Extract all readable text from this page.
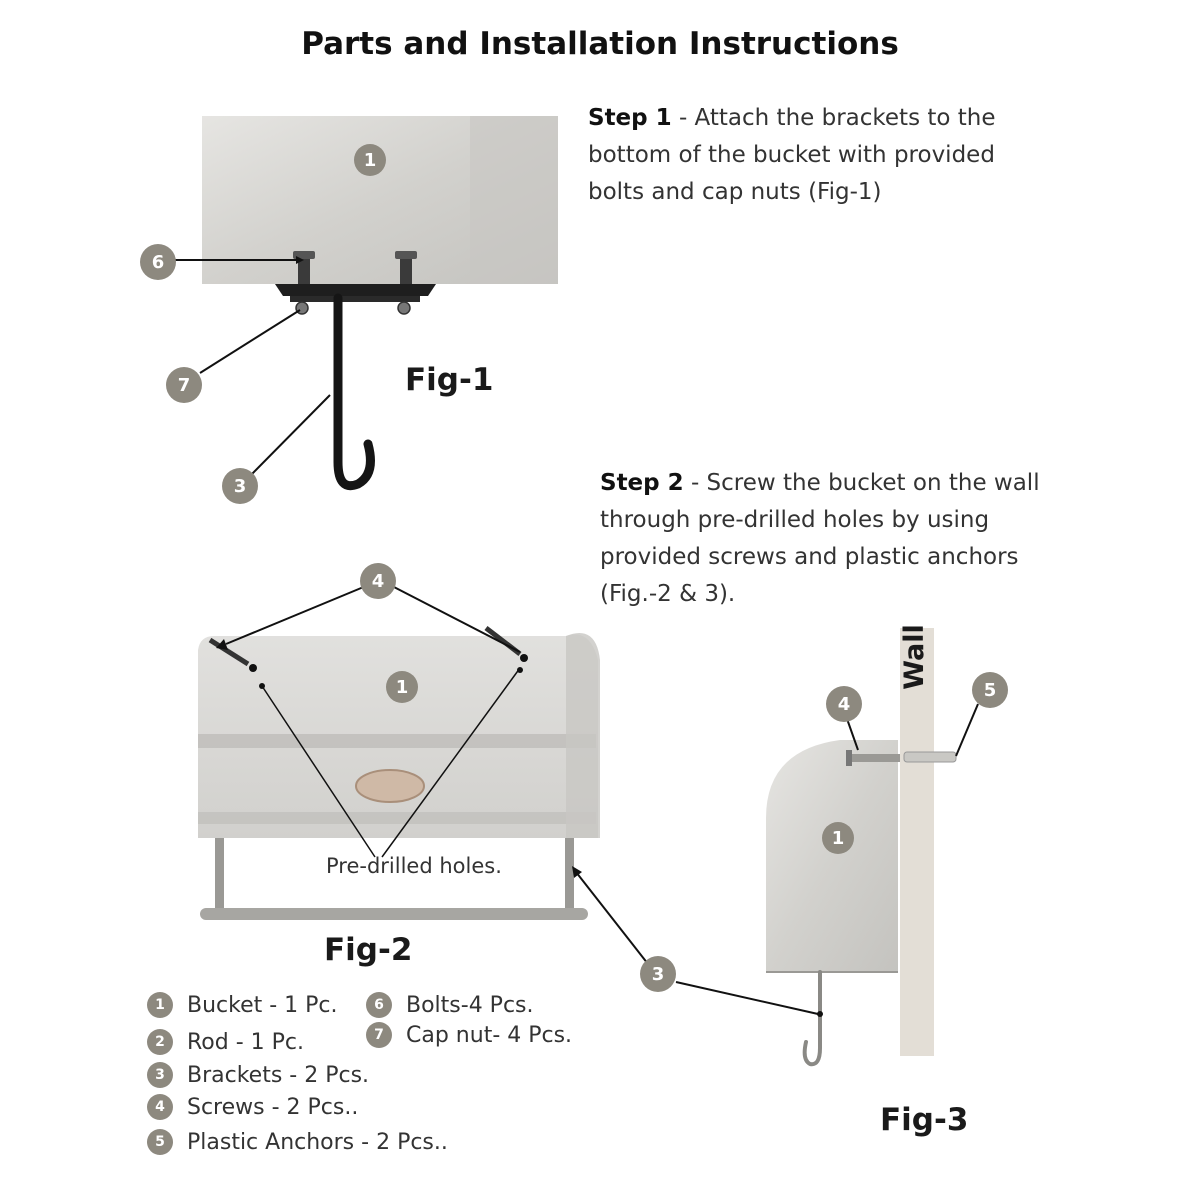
Parts and Installation Instructions
Step 1 - Attach the brackets to the
bottom of the bucket with provided
bolts and cap nuts (Fig-1)
Step 2 - Screw the bucket on the wall
through pre-drilled holes by using
provided screws and plastic anchors
(Fig.-2 & 3).
1
6
7
3
4
1
3
4
5
1
Pre-drilled holes.
Wall
Fig-1
Fig-2
Fig-3
1	Bucket - 1 Pc.
2	Rod - 1 Pc.
3	Brackets - 2 Pcs.
4	Screws - 2 Pcs..
5	Plastic Anchors - 2 Pcs..
6	Bolts-4 Pcs.
7	Cap nut- 4 Pcs.
